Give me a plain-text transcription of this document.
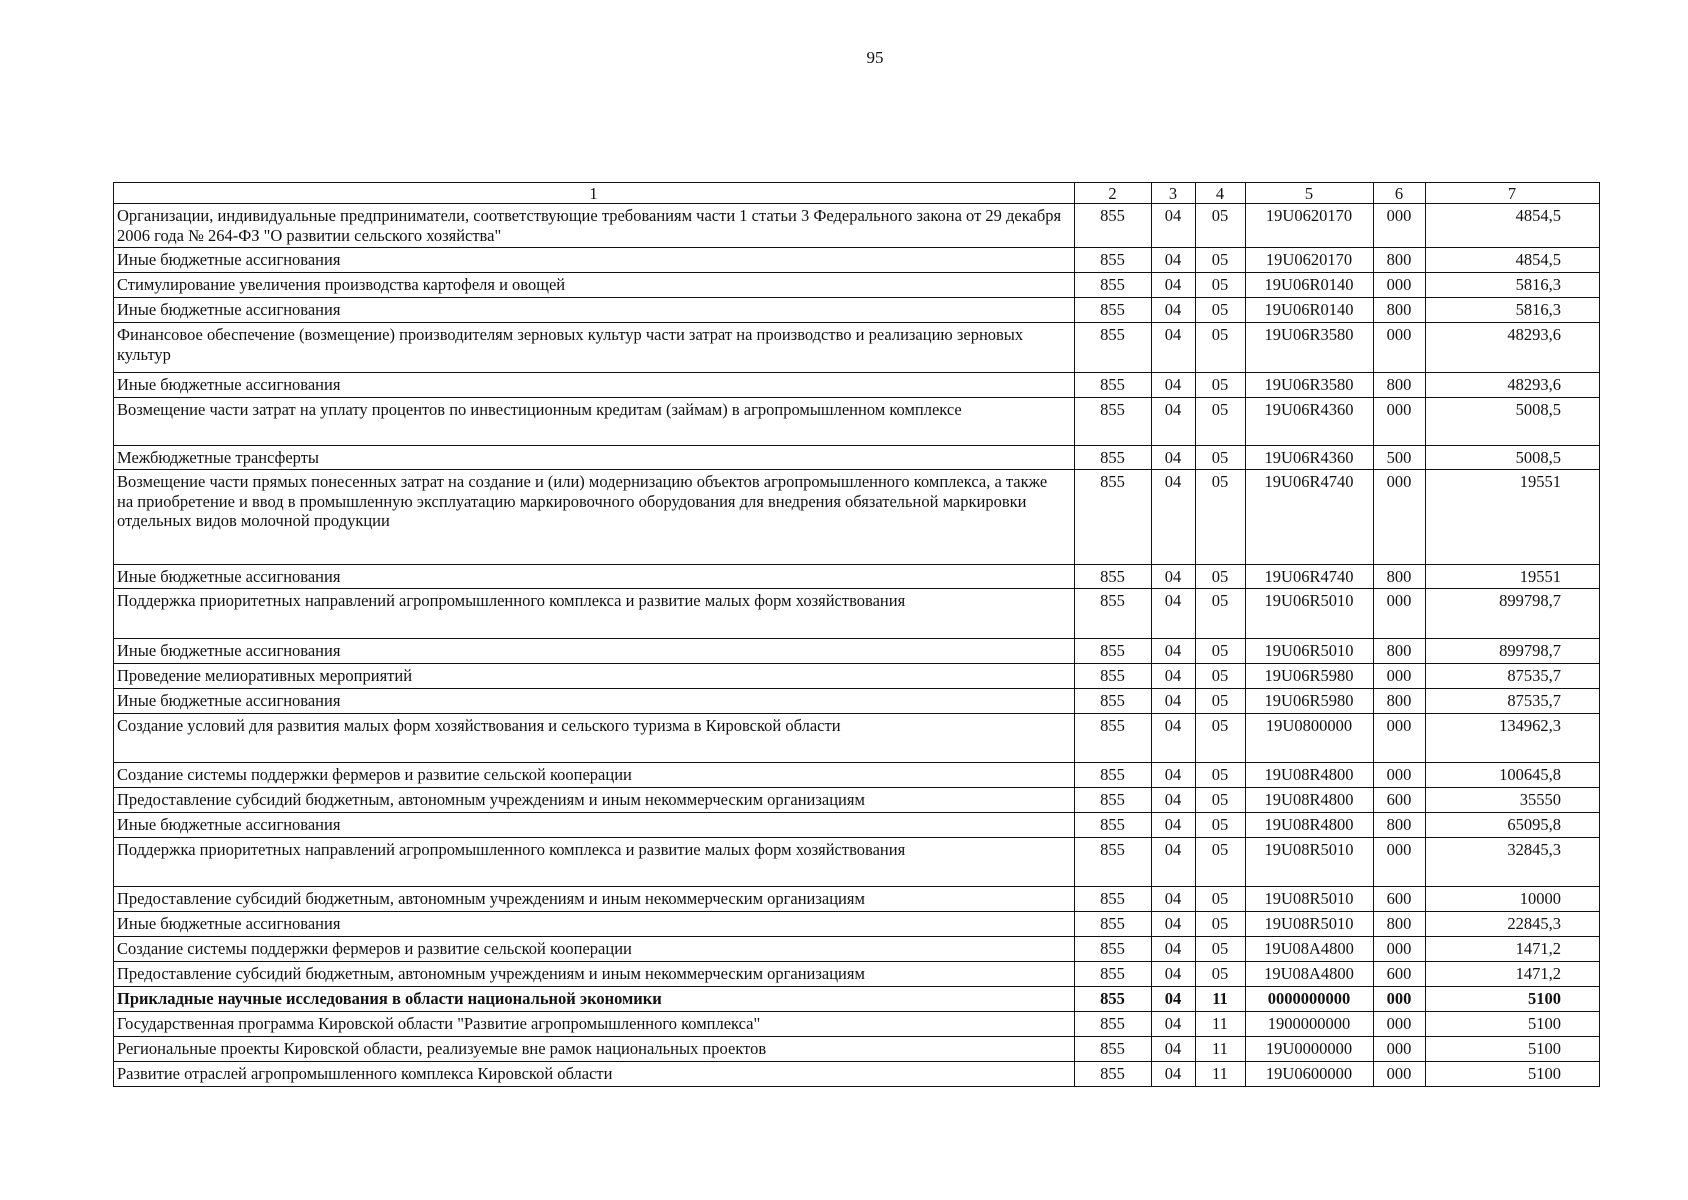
95
1	2	3	4	5	6	7
Организации, индивидуальные предприниматели, соответствующие требованиям части 1 статьи 3 Федерального закона от 29 декабря 2006 года № 264-ФЗ "О развитии сельского хозяйства"	855	04	05	19U0620170	000	4854,5
Иные бюджетные ассигнования	855	04	05	19U0620170	800	4854,5
Стимулирование увеличения производства картофеля и овощей	855	04	05	19U06R0140	000	5816,3
Иные бюджетные ассигнования	855	04	05	19U06R0140	800	5816,3
Финансовое обеспечение (возмещение) производителям зерновых культур части затрат на производство и реализацию зерновых культур	855	04	05	19U06R3580	000	48293,6
Иные бюджетные ассигнования	855	04	05	19U06R3580	800	48293,6
Возмещение части затрат на уплату процентов по инвестиционным кредитам (займам) в агропромышленном комплексе	855	04	05	19U06R4360	000	5008,5
Межбюджетные трансферты	855	04	05	19U06R4360	500	5008,5
Возмещение части прямых понесенных затрат на создание и (или) модернизацию объектов агропромышленного комплекса, а также на приобретение и ввод в промышленную эксплуатацию маркировочного оборудования для внедрения обязательной маркировки отдельных видов молочной продукции	855	04	05	19U06R4740	000	19551
Иные бюджетные ассигнования	855	04	05	19U06R4740	800	19551
Поддержка приоритетных направлений агропромышленного комплекса и развитие малых форм хозяйствования	855	04	05	19U06R5010	000	899798,7
Иные бюджетные ассигнования	855	04	05	19U06R5010	800	899798,7
Проведение мелиоративных мероприятий	855	04	05	19U06R5980	000	87535,7
Иные бюджетные ассигнования	855	04	05	19U06R5980	800	87535,7
Создание условий для развития малых форм хозяйствования и сельского туризма в Кировской области	855	04	05	19U0800000	000	134962,3
Создание системы поддержки фермеров и развитие сельской кооперации	855	04	05	19U08R4800	000	100645,8
Предоставление субсидий бюджетным, автономным учреждениям и иным некоммерческим организациям	855	04	05	19U08R4800	600	35550
Иные бюджетные ассигнования	855	04	05	19U08R4800	800	65095,8
Поддержка приоритетных направлений агропромышленного комплекса и развитие малых форм хозяйствования	855	04	05	19U08R5010	000	32845,3
Предоставление субсидий бюджетным, автономным учреждениям и иным некоммерческим организациям	855	04	05	19U08R5010	600	10000
Иные бюджетные ассигнования	855	04	05	19U08R5010	800	22845,3
Создание системы поддержки фермеров и развитие сельской кооперации	855	04	05	19U08A4800	000	1471,2
Предоставление субсидий бюджетным, автономным учреждениям и иным некоммерческим организациям	855	04	05	19U08A4800	600	1471,2
Прикладные научные исследования в области национальной экономики	855	04	11	0000000000	000	5100
Государственная программа Кировской области "Развитие агропромышленного комплекса"	855	04	11	1900000000	000	5100
Региональные проекты Кировской области, реализуемые вне рамок национальных проектов	855	04	11	19U0000000	000	5100
Развитие отраслей агропромышленного комплекса Кировской области	855	04	11	19U0600000	000	5100
